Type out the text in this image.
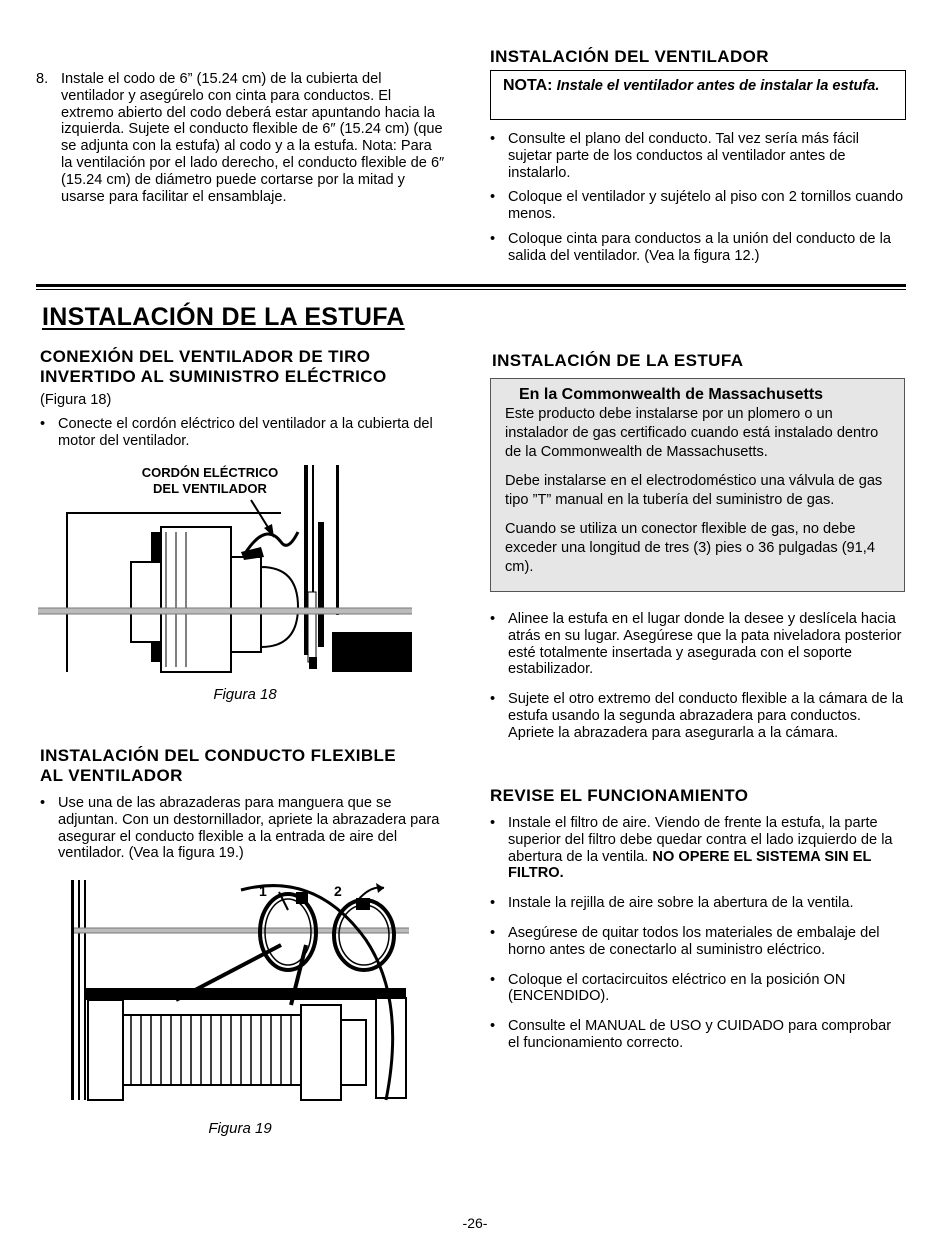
8. Instale el codo de 6” (15.24 cm) de la cubierta del ventilador y asegúrelo con cinta para conductos. El extremo abierto del codo deberá estar apuntando hacia la izquierda. Sujete el conducto flexible de 6″ (15.24 cm) (que se adjunta con la estufa) al codo y a la estufa. Nota: Para la ventilación por el lado derecho, el conducto flexible de 6″ (15.24 cm) de diámetro puede cortarse por la mitad y usarse para facilitar el ensamblaje.
INSTALACIÓN DEL VENTILADOR
NOTA: Instale el ventilador antes de instalar la estufa.
• Consulte el plano del conducto. Tal vez sería más fácil sujetar parte de los conductos al ventilador antes de instalarlo.
• Coloque el ventilador y sujételo al piso con 2 tornillos cuando menos.
• Coloque cinta para conductos a la unión del conducto de la salida del ventilador. (Vea la figura 12.)
INSTALACIÓN DE LA ESTUFA
CONEXIÓN DEL VENTILADOR DE TIRO
INVERTIDO AL SUMINISTRO ELÉCTRICO
(Figura 18)
• Conecte el cordón eléctrico del ventilador a la cubierta del motor del ventilador.
CORDÓN ELÉCTRICO
DEL VENTILADOR
Figura 18
INSTALACIÓN DEL CONDUCTO FLEXIBLE
AL VENTILADOR
• Use una de las abrazaderas para manguera que se adjuntan. Con un destornillador, apriete la abrazadera para asegurar el conducto flexible a la entrada de aire del ventilador. (Vea la figura 19.)
1	2
Figura 19
INSTALACIÓN DE LA ESTUFA
En la Commonwealth de Massachusetts

Este producto debe instalarse por un plomero o un instalador de gas certificado cuando está instalado dentro de la Commonwealth de Massachusetts.

Debe instalarse en el electrodoméstico una válvula de gas tipo ”T” manual en la tubería del suministro de gas.

Cuando se utiliza un conector flexible de gas, no debe exceder una longitud de tres (3) pies o 36 pulgadas (91,4 cm).

• Alinee la estufa en el lugar donde la desee y deslícela hacia atrás en su lugar. Asegúrese que la pata niveladora posterior esté totalmente insertada y asegurada con el soporte estabilizador.
• Sujete el otro extremo del conducto flexible a la cámara de la estufa usando la segunda abrazadera para conductos. Apriete la abrazadera para asegurarla a la cámara.
REVISE EL FUNCIONAMIENTO
• Instale el filtro de aire. Viendo de frente la estufa, la parte superior del filtro debe quedar contra el lado izquierdo de la abertura de la ventila. NO OPERE EL SISTEMA SIN EL FILTRO.
• Instale la rejilla de aire sobre la abertura de la ventila.
• Asegúrese de quitar todos los materiales de embalaje del horno antes de conectarlo al suministro eléctrico.
• Coloque el cortacircuitos eléctrico en la posición ON (ENCENDIDO).
• Consulte el MANUAL de USO y CUIDADO para comprobar el funcionamiento correcto.
-26-
